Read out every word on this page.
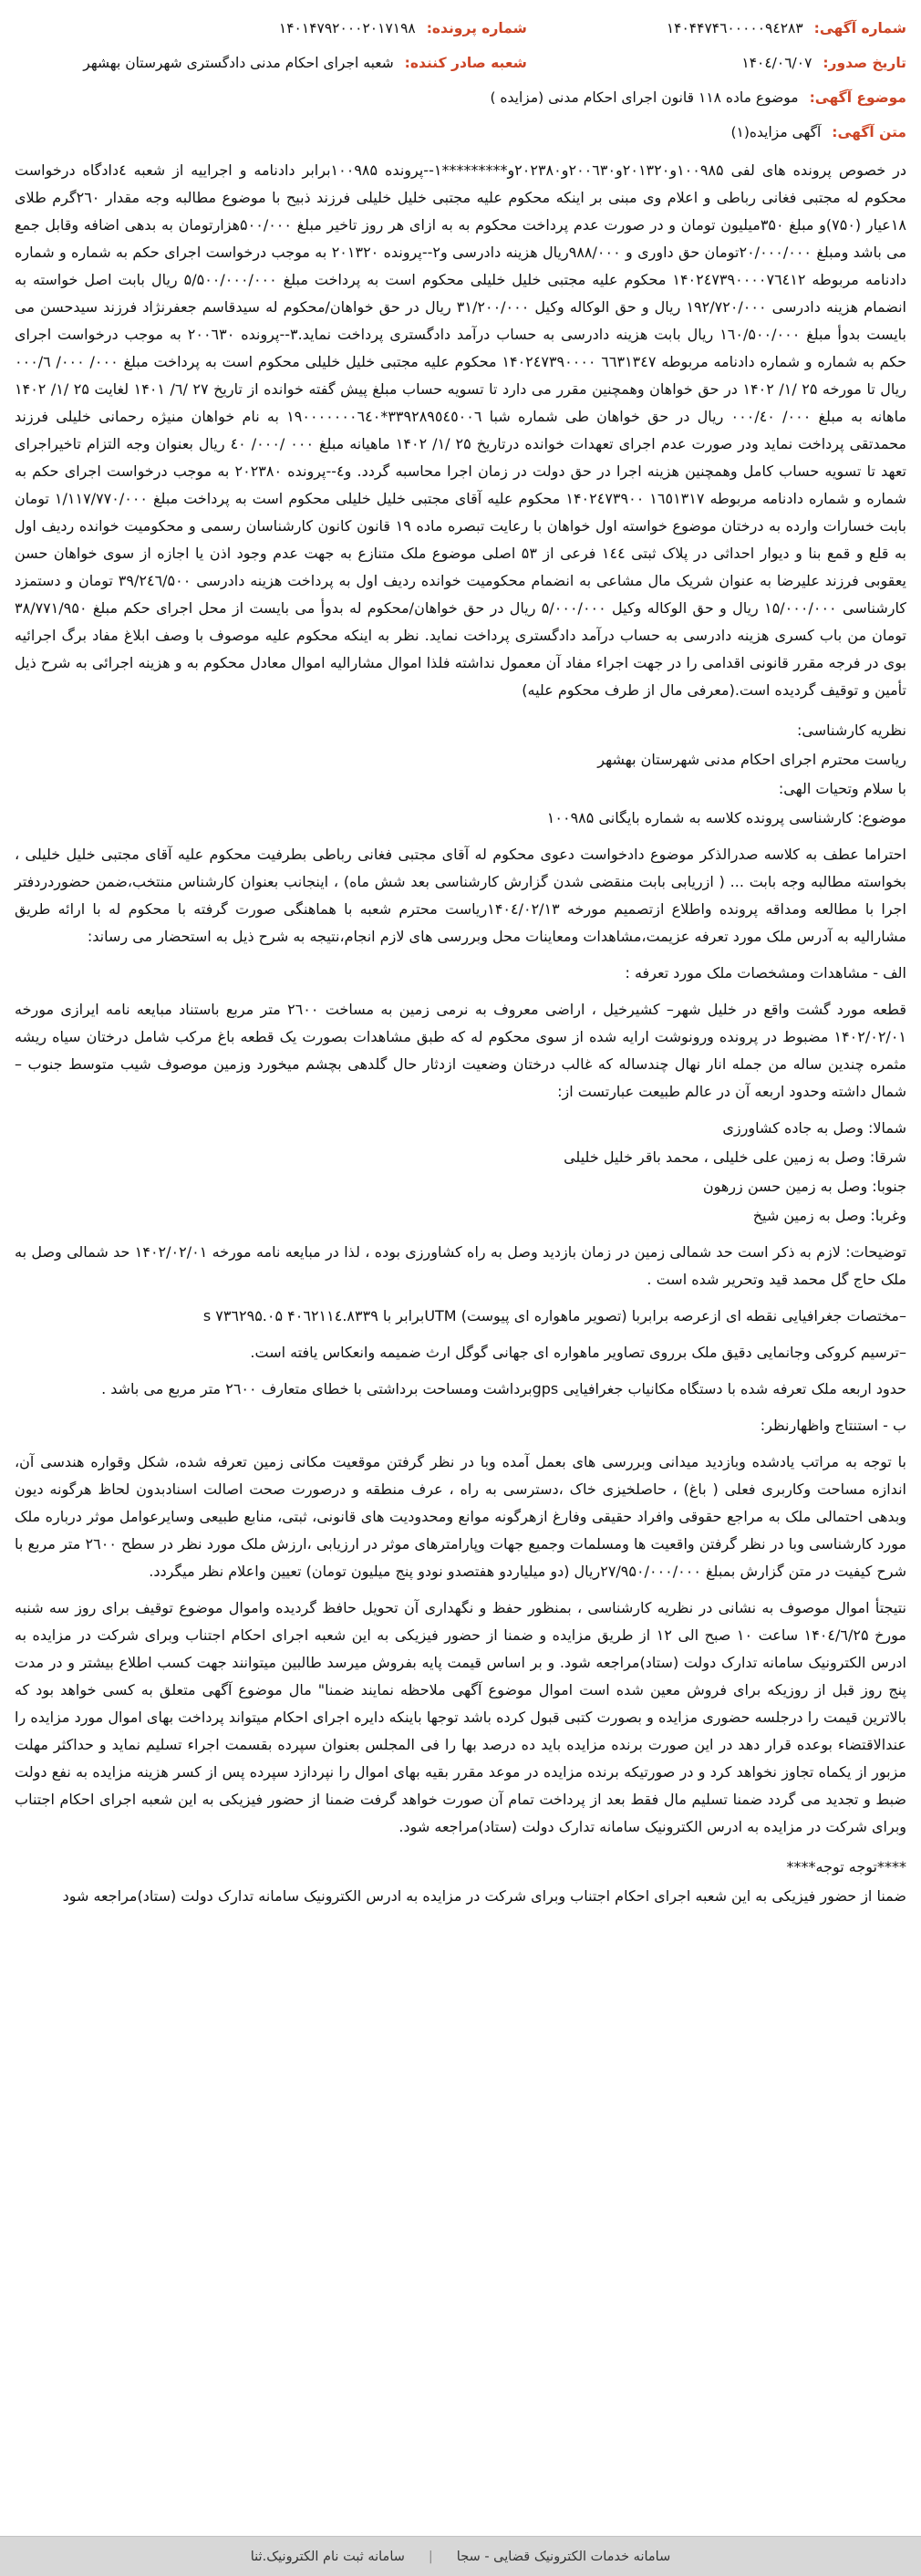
شماره آگهی: ۱۴۰۴۴۷۴٦۰۰۰۰۰۹٤۲۸۳
شماره پرونده: ۱۴۰۱۴۷۹۲۰۰۰۲۰۱۷۱۹۸
تاریخ صدور: ۱۴۰٤/۰٦/۰۷
شعبه صادر کننده: شعبه اجرای احکام مدنی دادگستری شهرستان بهشهر
موضوع آگهی: موضوع ماده ۱۱۸ قانون اجرای احکام مدنی (مزایده )
متن آگهی: آگهی مزایده(۱)

در خصوص پرونده های لفی ۱۰۰۹۸۵و۲۰۱۳۲۰و۲۰۰٦۳۰و۲۰۲۳۸۰و*********۱--پرونده ۱۰۰۹۸۵برابر دادنامه و اجراییه از شعبه ٤دادگاه درخواست محکوم له مجتبی فغانی رباطی و اعلام وی مبنی بر اینکه محکوم علیه مجتبی خلیل خلیلی فرزند ذبیح با موضوع مطالبه وجه مقدار ۲٦۰گرم طلای ۱۸عیار (۷۵۰)و مبلغ ۳۵۰میلیون تومان و در صورت عدم پرداخت محکوم به به ازای هر روز تاخیر مبلغ ۵۰۰/۰۰۰هزارتومان به بدهی اضافه وقابل جمع می باشد ومبلغ ۲۰/۰۰۰/۰۰۰تومان حق داوری و ۹۸۸/۰۰۰ریال هزینه دادرسی و۲--پرونده ۲۰۱۳۲۰ به موجب درخواست اجرای حکم به شماره و شماره دادنامه مربوطه ۱۴۰۲٤۷۳۹۰۰۰۰۷٦٤۱۲ محکوم علیه مجتبی خلیل خلیلی محکوم است به پرداخت مبلغ ۵/۵۰۰/۰۰۰/۰۰۰ ریال بابت اصل خواسته به انضمام هزینه دادرسی ۱۹۲/۷۲۰/۰۰۰ ریال و حق الوکاله وکیل ۳۱/۲۰۰/۰۰۰ ریال در حق خواهان/محکوم له سیدقاسم جعفرنژاد فرزند سیدحسن می بایست بدوأ مبلغ ۱٦۰/۵۰۰/۰۰۰ ریال بابت هزینه دادرسی به حساب درآمد دادگستری پرداخت نماید.۳--پرونده ۲۰۰٦۳۰ به موجب درخواست اجرای حکم به شماره و شماره دادنامه مربوطه ٦٦۳۱۳٤۷ ۱۴۰۲٤۷۳۹۰۰۰۰ محکوم علیه مجتبی خلیل خلیلی محکوم است به پرداخت مبلغ ۰۰۰/ ۰۰۰/ ۰۰۰/٦ ریال تا مورخه ۲۵ /۱/ ۱۴۰۲ در حق خواهان وهمچنین مقرر می دارد تا تسویه حساب مبلغ پیش گفته خوانده از تاریخ ۲۷ /٦/ ۱۴۰۱ لغایت ۲۵ /۱/ ۱۴۰۲ ماهانه به مبلغ ۰۰۰/ ۰۰۰/٤۰ ریال در حق خواهان طی شماره شبا ۳۳۹۲۸۹٥٤٥٠٠٦*۱۹۰۰۰۰۰۰۰٦٤۰ به نام خواهان منیژه رحمانی خلیلی فرزند محمدتقی پرداخت نماید ودر صورت عدم اجرای تعهدات خوانده درتاریخ ۲۵ /۱/ ۱۴۰۲ ماهیانه مبلغ ۰۰۰ /۰۰۰/ ٤۰ ریال بعنوان وجه التزام تاخیراجرای تعهد تا تسویه حساب کامل وهمچنین هزینه اجرا در حق دولت در زمان اجرا محاسبه گردد. و٤--پرونده ۲۰۲۳۸۰ به موجب درخواست اجرای حکم به شماره و شماره دادنامه مربوطه ۱٦٥۱۳۱۷ ۱۴۰۲٤۷۳۹۰۰ محکوم علیه آقای مجتبی خلیل خلیلی محکوم است به پرداخت مبلغ ۱/۱۱۷/۷۷۰/۰۰۰ تومان بابت خسارات وارده به درختان موضوع خواسته اول خواهان با رعایت تبصره ماده ۱۹ قانون کانون کارشناسان رسمی و محکومیت خوانده ردیف اول به قلع و قمع بنا و دیوار احداثی در پلاک ثبتی ۱٤٤ فرعی از ۵۳ اصلی موضوع ملک متنازع به جهت عدم وجود اذن یا اجازه از سوی خواهان حسن یعقوبی فرزند علیرضا به عنوان شریک مال مشاعی به انضمام محکومیت خوانده ردیف اول به پرداخت هزینه دادرسی ۳۹/۲٤٦/۵۰۰ تومان و دستمزد کارشناسی ۱۵/۰۰۰/۰۰۰ ریال و حق الوکاله وکیل ۵/۰۰۰/۰۰۰ ریال در حق خواهان/محکوم له بدوأ می بایست از محل اجرای حکم مبلغ ۳۸/۷۷۱/۹۵۰ تومان من باب کسری هزینه دادرسی به حساب درآمد دادگستری پرداخت نماید. نظر به اینکه محکوم علیه موصوف با وصف ابلاغ مفاد برگ اجرائیه بوی در فرجه مقرر قانونی اقدامی را در جهت اجراء مفاد آن معمول نداشته فلذا اموال مشارالیه اموال معادل محکوم به و هزینه اجرائی به شرح ذیل تأمین و توقیف گردیده است.(معرفی مال از طرف محکوم علیه)

نظریه کارشناسی:

ریاست محترم اجرای احکام مدنی شهرستان بهشهر

با سلام وتحیات الهی:

موضوع: کارشناسی پرونده کلاسه به شماره بایگانی ۱۰۰۹۸۵

احتراما عطف به کلاسه صدرالذکر موضوع دادخواست دعوی محکوم له آقای مجتبی فغانی رباطی بطرفیت محکوم علیه آقای مجتبی خلیل خلیلی ، بخواسته مطالبه وجه بابت ... ( ازریابی بابت منقضی شدن گزارش کارشناسی بعد شش ماه) ، اینجانب بعنوان کارشناس منتخب،ضمن حضوردردفتر اجرا با مطالعه ومداقه پرونده واطلاع ازتصمیم مورخه ۱۴۰٤/۰۲/۱۳ریاست محترم شعبه با هماهنگی صورت گرفته با محکوم له با ارائه طریق مشارالیه به آدرس ملک مورد تعرفه عزیمت،مشاهدات ومعاینات محل وبررسی های لازم انجام،نتیجه به شرح ذیل به استحضار می رساند:

الف - مشاهدات ومشخصات ملک مورد تعرفه :

قطعه مورد گشت واقع در خلیل شهر– کشیرخیل ، اراضی معروف به نرمی زمین به مساخت ۲٦۰۰ متر مربع باستناد مبایعه نامه ایرازی مورخه ۱۴۰۲/۰۲/۰۱ مضبوط در پرونده ورونوشت ارایه شده از سوی محکوم له که طبق مشاهدات بصورت یک قطعه باغ مرکب شامل درختان سیاه ریشه مثمره چندین ساله من جمله انار نهال چندساله که غالب درختان وضعیت ازدثار حال گلدهی بچشم میخورد وزمین موصوف شیب متوسط جنوب –شمال داشته وحدود اربعه آن در عالم طبیعت عبارتست از:

شمالا: وصل به جاده کشاورزی

شرقا: وصل به زمین علی خلیلی ، محمد باقر خلیل خلیلی

جنوبا: وصل به زمین حسن زرهون

وغربا: وصل به زمین شیخ

توضیحات: لازم به ذکر است حد شمالی زمین در زمان بازدید وصل به راه کشاورزی بوده ، لذا در مبایعه نامه مورخه ۱۴۰۲/۰۲/۰۱ حد شمالی وصل به ملک حاج گل محمد قید وتحریر شده است .

–مختصات جغرافیایی نقطه ای ازعرصه برابربا (تصویر ماهواره ای پیوست) UTMبرابر با ۴۰٦۲۱۱٤.۸۳۳۹ s ۷۳٦۲۹۵.۰۵

–ترسیم کروکی وجانمایی دقیق ملک برروی تصاویر ماهواره ای جهانی گوگل ارث ضمیمه وانعکاس یافته است.

حدود اربعه ملک تعرفه شده با دستگاه مکانیاب جغرافیایی gpsبرداشت ومساحت برداشتی با خطای متعارف ۲٦۰۰ متر مربع می باشد .

ب - استنتاج واظهارنظر:

با توجه به مراتب یادشده وبازدید میدانی وبررسی های بعمل آمده وبا در نظر گرفتن موقعیت مکانی زمین تعرفه شده، شکل وقواره هندسی آن، اندازه مساحت وکاربری فعلی ( باغ) ، حاصلخیزی خاک ،دسترسی به راه ، عرف منطقه و درصورت صحت اصالت اسنادبدون لحاظ هرگونه دیون وبدهی احتمالی ملک به مراجع حقوقی وافراد حقیقی وفارغ ازهرگونه موانع ومحدودیت های قانونی، ثبتی، منابع طبیعی وسایرعوامل موثر درباره ملک مورد کارشناسی وبا در نظر گرفتن واقعیت ها ومسلمات وجمیع جهات وپارامترهای موثر در ارزیابی ،ارزش ملک مورد نظر در سطح ۲٦۰۰ متر مربع با شرح کیفیت در متن گزارش بمبلغ ۲۷/۹۵۰/۰۰۰/۰۰۰ریال (دو میلیاردو هفتصدو نودو پنج میلیون تومان) تعیین واعلام نظر میگردد.

نتیجتأ اموال موصوف به نشانی در نظریه کارشناسی ، بمنظور حفظ و نگهداری آن تحویل حافظ گردیده واموال موضوع توقیف برای روز سه شنبه مورخ ۱۴۰٤/٦/۲۵ ساعت ۱۰ صبح الی ۱۲ از طریق مزایده و ضمنا از حضور فیزیکی به این شعبه اجرای احکام اجتناب وبرای شرکت در مزایده به ادرس الکترونیک سامانه تدارک دولت (ستاد)مراجعه شود. و بر اساس قیمت پایه بفروش میرسد طالبین میتوانند جهت کسب اطلاع بیشتر و در مدت پنج روز قبل از روزیکه برای فروش معین شده است اموال موضوع آگهی ملاحظه نمایند ضمنا" مال موضوع آگهی متعلق به کسی خواهد بود که بالاترین قیمت را درجلسه حضوری مزایده و بصورت کتبی قبول کرده باشد توجها باینکه دایره اجرای احکام میتواند پرداخت بهای اموال مورد مزایده را عندالاقتضاء بوعده قرار دهد در این صورت برنده مزایده باید ده درصد بها را فی المجلس بعنوان سپرده بقسمت اجراء تسلیم نماید و حداکثر مهلت مزبور از یکماه تجاوز نخواهد کرد و در صورتیکه برنده مزایده در موعد مقرر بقیه بهای اموال را نپردازد سپرده پس از کسر هزینه مزایده به نفع دولت ضبط و تجدید می گردد ضمنا تسلیم مال فقط بعد از پرداخت تمام آن صورت خواهد گرفت ضمنا از حضور فیزیکی به این شعبه اجرای احکام اجتناب وبرای شرکت در مزایده به ادرس الکترونیک سامانه تدارک دولت (ستاد)مراجعه شود.

****توجه توجه****

ضمنا از حضور فیزیکی به این شعبه اجرای احکام اجتناب وبرای شرکت در مزایده به ادرس الکترونیک سامانه تدارک دولت (ستاد)مراجعه شود

سامانه خدمات الکترونیک قضایی - سجا
|
سامانه ثبت نام الکترونیک.ثنا
